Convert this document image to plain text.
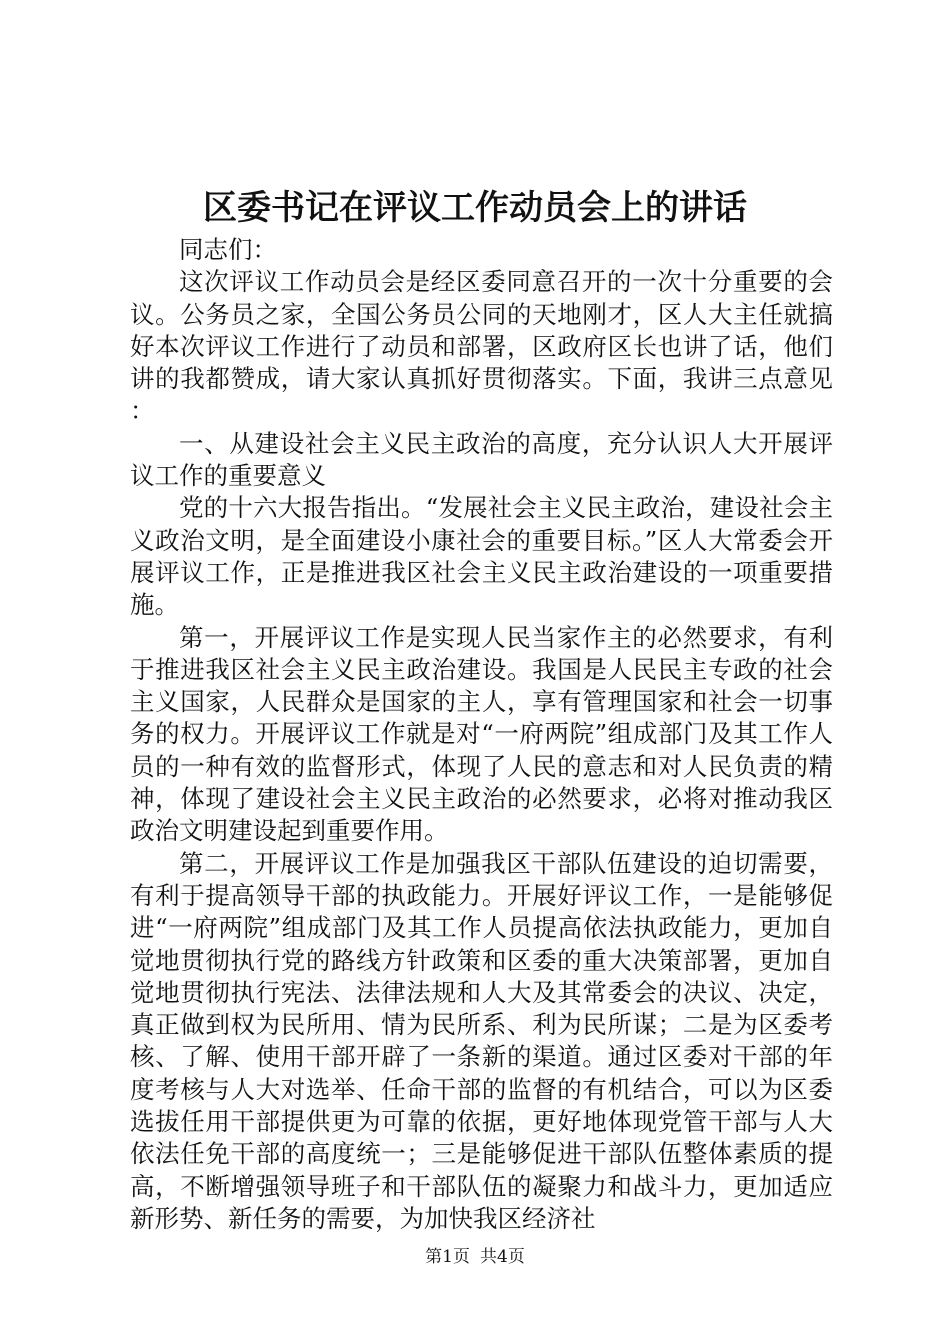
区委书记在评议工作动员会上的讲话

同志们：

这次评议工作动员会是经区委同意召开的一次十分重要的会议。公务员之家，全国公务员公同的天地刚才，区人大主任就搞好本次评议工作进行了动员和部署，区政府区长也讲了话，他们讲的我都赞成，请大家认真抓好贯彻落实。下面，我讲三点意见：

一、从建设社会主义民主政治的高度，充分认识人大开展评议工作的重要意义

党的十六大报告指出。“发展社会主义民主政治，建设社会主义政治文明，是全面建设小康社会的重要目标。”区人大常委会开展评议工作，正是推进我区社会主义民主政治建设的一项重要措施。

第一，开展评议工作是实现人民当家作主的必然要求，有利于推进我区社会主义民主政治建设。我国是人民民主专政的社会主义国家，人民群众是国家的主人，享有管理国家和社会一切事务的权力。开展评议工作就是对“一府两院”组成部门及其工作人员的一种有效的监督形式，体现了人民的意志和对人民负责的精神，体现了建设社会主义民主政治的必然要求，必将对推动我区政治文明建设起到重要作用。

第二，开展评议工作是加强我区干部队伍建设的迫切需要，有利于提高领导干部的执政能力。开展好评议工作，一是能够促进“一府两院”组成部门及其工作人员提高依法执政能力，更加自觉地贯彻执行党的路线方针政策和区委的重大决策部署，更加自觉地贯彻执行宪法、法律法规和人大及其常委会的决议、决定，真正做到权为民所用、情为民所系、利为民所谋；二是为区委考核、了解、使用干部开辟了一条新的渠道。通过区委对干部的年度考核与人大对选举、任命干部的监督的有机结合，可以为区委选拔任用干部提供更为可靠的依据，更好地体现党管干部与人大依法任免干部的高度统一；三是能够促进干部队伍整体素质的提高，不断增强领导班子和干部队伍的凝聚力和战斗力，更加适应新形势、新任务的需要，为加快我区经济社

第1页 共4页
